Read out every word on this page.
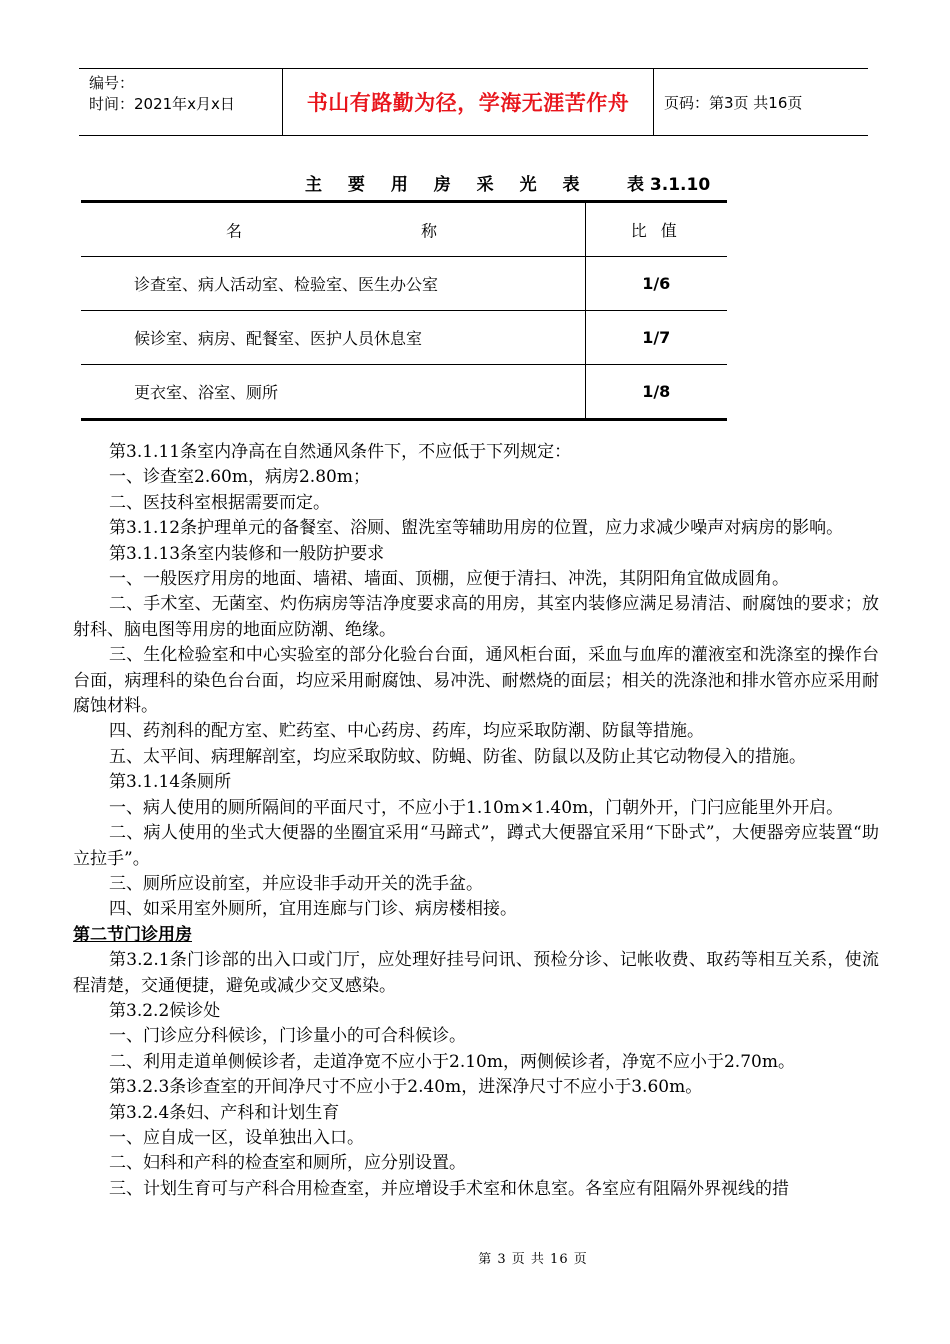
编号：
时间：2021年x月x日	书山有路勤为径，学海无涯苦作舟	页码：第3页 共16页
主 要 用 房 采 光 表 表 3.1.10
名 称	比值
诊查室、病人活动室、检验室、医生办公室	1/6
候诊室、病房、配餐室、医护人员休息室	1/7
更衣室、浴室、厕所	1/8

第3.1.11条室内净高在自然通风条件下，不应低于下列规定：

一、诊查室2.60m，病房2.80m；

二、医技科室根据需要而定。

第3.1.12条护理单元的备餐室、浴厕、盥洗室等辅助用房的位置，应力求减少噪声对病房的影响。

第3.1.13条室内装修和一般防护要求

一、一般医疗用房的地面、墙裙、墙面、顶棚，应便于清扫、冲洗，其阴阳角宜做成圆角。

二、手术室、无菌室、灼伤病房等洁净度要求高的用房，其室内装修应满足易清洁、耐腐蚀的要求；放射科、脑电图等用房的地面应防潮、绝缘。

三、生化检验室和中心实验室的部分化验台台面，通风柜台面，采血与血库的灌液室和洗涤室的操作台台面，病理科的染色台台面，均应采用耐腐蚀、易冲洗、耐燃烧的面层；相关的洗涤池和排水管亦应采用耐腐蚀材料。

四、药剂科的配方室、贮药室、中心药房、药库，均应采取防潮、防鼠等措施。

五、太平间、病理解剖室，均应采取防蚊、防蝇、防雀、防鼠以及防止其它动物侵入的措施。

第3.1.14条厕所

一、病人使用的厕所隔间的平面尺寸，不应小于1.10m×1.40m，门朝外开，门闩应能里外开启。

二、病人使用的坐式大便器的坐圈宜采用“马蹄式”，蹲式大便器宜采用“下卧式”，大便器旁应装置“助立拉手”。

三、厕所应设前室，并应设非手动开关的洗手盆。

四、如采用室外厕所，宜用连廊与门诊、病房楼相接。

第二节门诊用房

第3.2.1条门诊部的出入口或门厅，应处理好挂号问讯、预检分诊、记帐收费、取药等相互关系，使流程清楚，交通便捷，避免或减少交叉感染。

第3.2.2候诊处

一、门诊应分科候诊，门诊量小的可合科候诊。

二、利用走道单侧候诊者，走道净宽不应小于2.10m，两侧候诊者，净宽不应小于2.70m。

第3.2.3条诊查室的开间净尺寸不应小于2.40m，进深净尺寸不应小于3.60m。

第3.2.4条妇、产科和计划生育

一、应自成一区，设单独出入口。

二、妇科和产科的检查室和厕所，应分别设置。

三、计划生育可与产科合用检查室，并应增设手术室和休息室。各室应有阻隔外界视线的措

第 3 页 共 16 页
